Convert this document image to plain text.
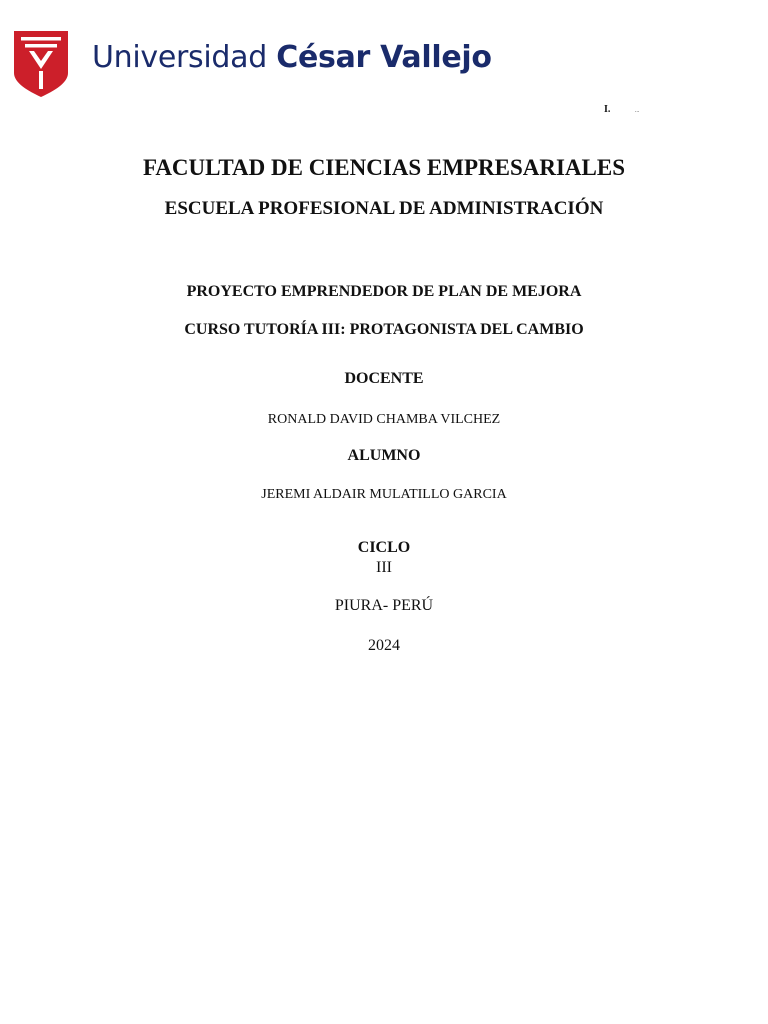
Universidad César Vallejo
I.	...
FACULTAD DE CIENCIAS EMPRESARIALES
ESCUELA PROFESIONAL DE ADMINISTRACIÓN
PROYECTO EMPRENDEDOR DE PLAN DE MEJORA
CURSO TUTORÍA III: PROTAGONISTA DEL CAMBIO
DOCENTE
RONALD DAVID CHAMBA VILCHEZ
ALUMNO
JEREMI ALDAIR MULATILLO GARCIA
CICLO
III
PIURA- PERÚ
2024
